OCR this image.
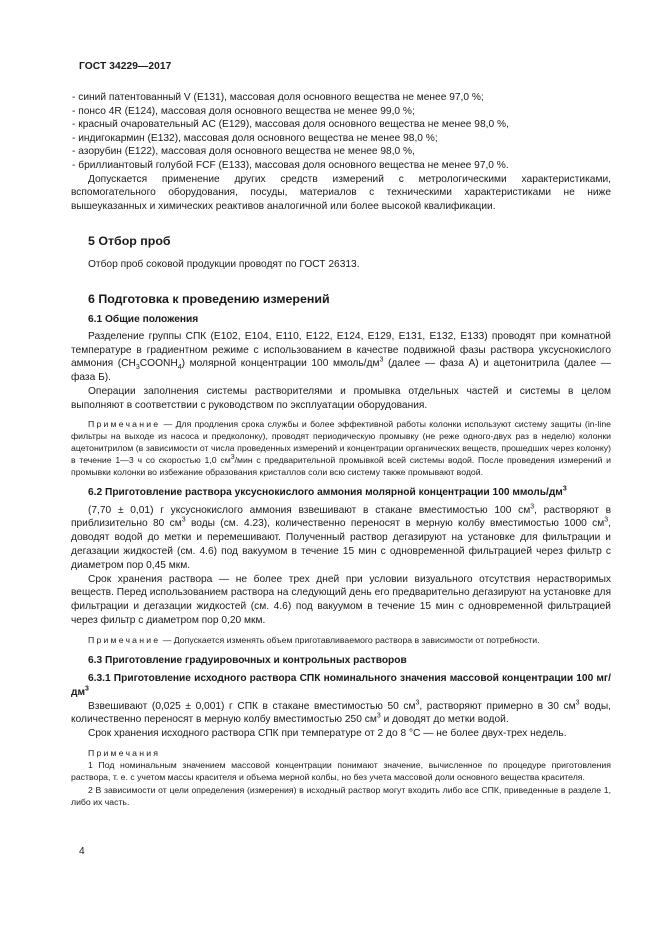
ГОСТ 34229—2017
- синий патентованный V (E131), массовая доля основного вещества не менее 97,0 %;
- понсо 4R (E124), массовая доля основного вещества не менее 99,0 %;
- красный очаровательный AC (E129), массовая доля основного вещества не менее 98,0 %,
- индигокармин (E132), массовая доля основного вещества не менее 98,0 %;
- азорубин (E122), массовая доля основного вещества не менее 98,0 %,
- бриллиантовый голубой FCF (E133), массовая доля основного вещества не менее 97,0 %.

Допускается применение других средств измерений с метрологическими характеристиками, вспомогательного оборудования, посуды, материалов с техническими характеристиками не ниже вышеуказанных и химических реактивов аналогичной или более высокой квалификации.

5 Отбор проб

Отбор проб соковой продукции проводят по ГОСТ 26313.

6 Подготовка к проведению измерений

6.1 Общие положения

Разделение группы СПК (E102, E104, E110, E122, E124, E129, E131, E132, E133) проводят при комнатной температуре в градиентном режиме с использованием в качестве подвижной фазы раствора уксуснокислого аммония $(CH_3COONH_4)$ молярной концентрации 100 ммоль/$дм^3$ (далее — фаза А) и ацетонитрила (далее — фаза Б).

Операции заполнения системы растворителями и промывка отдельных частей и системы в целом выполняют в соответствии с руководством по эксплуатации оборудования.

Примечание — Для продления срока службы и более эффективной работы колонки используют систему защиты (in-line фильтры на выходе из насоса и предколонку), проводят периодическую промывку (не реже одного-двух раз в неделю) колонки ацетонитрилом (в зависимости от числа проведенных измерений и концентрации органических веществ, прошедших через колонку) в течение 1—3 ч со скоростью 1,0 $см^3$/мин с предварительной промывкой всей системы водой. После проведения измерений и промывки колонки во избежание образования кристаллов соли всю систему также промывают водой.

6.2 Приготовление раствора уксуснокислого аммония молярной концентрации 100 ммоль/$дм^3$

(7,70 ± 0,01) г уксуснокислого аммония взвешивают в стакане вместимостью 100 $см^3$, растворяют в приблизительно 80 $см^3$ воды (см. 4.23), количественно переносят в мерную колбу вместимостью 1000 $см^3$, доводят водой до метки и перемешивают. Полученный раствор дегазируют на установке для фильтрации и дегазации жидкостей (см. 4.6) под вакуумом в течение 15 мин с одновременной фильтрацией через фильтр с диаметром пор 0,45 мкм.

Срок хранения раствора — не более трех дней при условии визуального отсутствия нерастворимых веществ. Перед использованием раствора на следующий день его предварительно дегазируют на установке для фильтрации и дегазации жидкостей (см. 4.6) под вакуумом в течение 15 мин с одновременной фильтрацией через фильтр с диаметром пор 0,20 мкм.

Примечание — Допускается изменять объем приготавливаемого раствора в зависимости от потребности.

6.3 Приготовление градуировочных и контрольных растворов

6.3.1 Приготовление исходного раствора СПК номинального значения массовой концентрации 100 $мг/дм^3$

Взвешивают (0,025 ± 0,001) г СПК в стакане вместимостью 50 $см^3$, растворяют примерно в 30 $см^3$ воды, количественно переносят в мерную колбу вместимостью 250 $см^3$ и доводят до метки водой.

Срок хранения исходного раствора СПК при температуре от 2 до 8 °С — не более двух-трех недель.

Примечания

1 Под номинальным значением массовой концентрации понимают значение, вычисленное по процедуре приготовления раствора, т. е. с учетом массы красителя и объема мерной колбы, но без учета массовой доли основного вещества красителя.

2 В зависимости от цели определения (измерения) в исходный раствор могут входить либо все СПК, приведенные в разделе 1, либо их часть.

4
